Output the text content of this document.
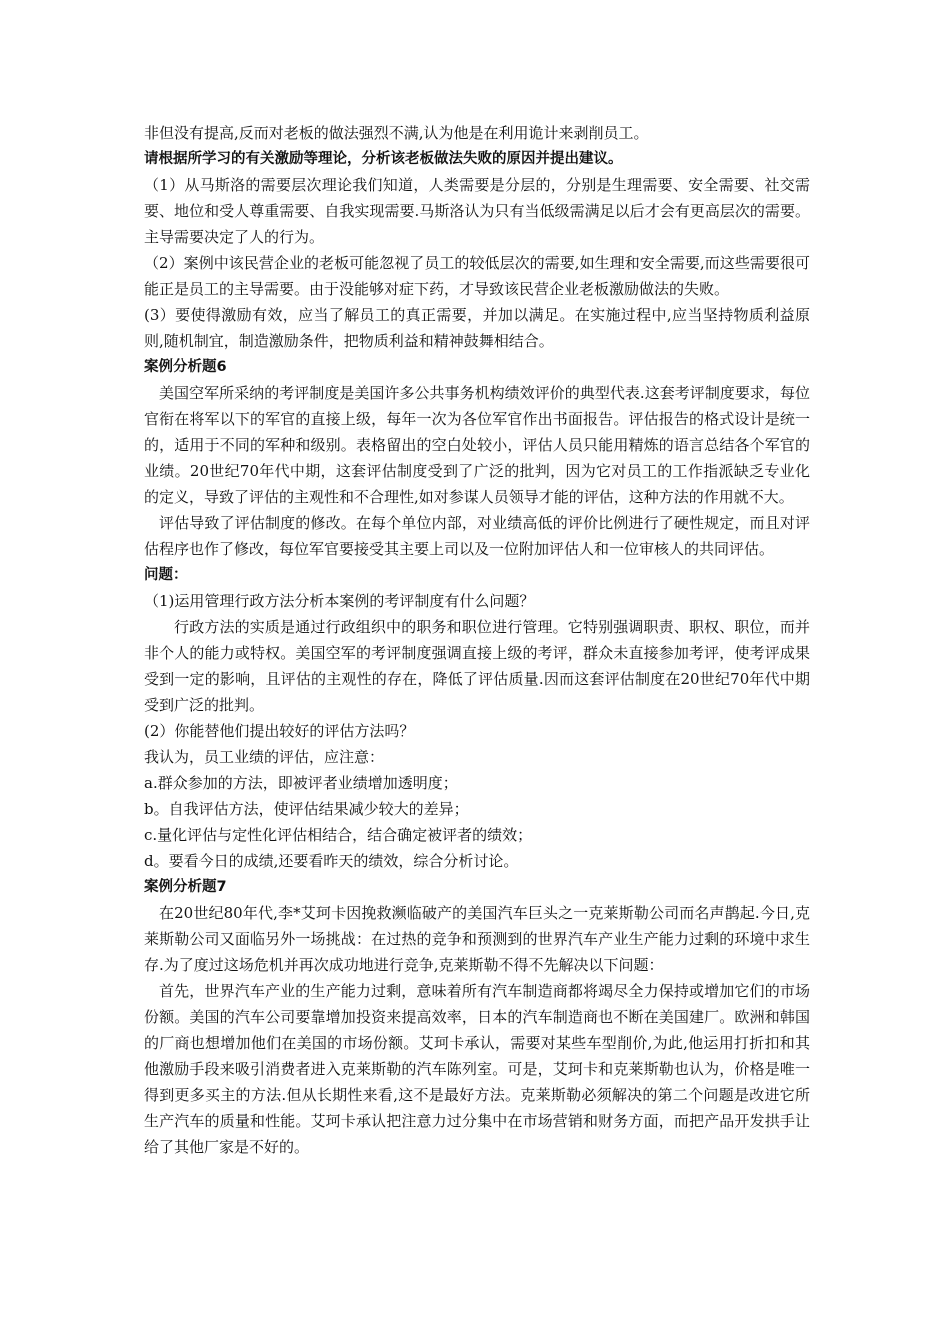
非但没有提高,反而对老板的做法强烈不满,认为他是在利用诡计来剥削员工。

请根据所学习的有关激励等理论，分析该老板做法失败的原因并提出建议。

（1）从马斯洛的需要层次理论我们知道，人类需要是分层的，分别是生理需要、安全需要、社交需要、地位和受人尊重需要、自我实现需要.马斯洛认为只有当低级需满足以后才会有更高层次的需要。主导需要决定了人的行为。

（2）案例中该民营企业的老板可能忽视了员工的较低层次的需要,如生理和安全需要,而这些需要很可能正是员工的主导需要。由于没能够对症下药，才导致该民营企业老板激励做法的失败。

(3）要使得激励有效，应当了解员工的真正需要，并加以满足。在实施过程中,应当坚持物质利益原则,随机制宜，制造激励条件，把物质利益和精神鼓舞相结合。

案例分析题6

美国空军所采纳的考评制度是美国许多公共事务机构绩效评价的典型代表.这套考评制度要求，每位官衔在将军以下的军官的直接上级，每年一次为各位军官作出书面报告。评估报告的格式设计是统一的，适用于不同的军种和级别。表格留出的空白处较小，评估人员只能用精炼的语言总结各个军官的业绩。20世纪70年代中期，这套评估制度受到了广泛的批判，因为它对员工的工作指派缺乏专业化的定义，导致了评估的主观性和不合理性,如对参谋人员领导才能的评估，这种方法的作用就不大。

评估导致了评估制度的修改。在每个单位内部，对业绩高低的评价比例进行了硬性规定，而且对评估程序也作了修改，每位军官要接受其主要上司以及一位附加评估人和一位审核人的共同评估。

问题：

（1)运用管理行政方法分析本案例的考评制度有什么问题？

行政方法的实质是通过行政组织中的职务和职位进行管理。它特别强调职责、职权、职位，而并非个人的能力或特权。美国空军的考评制度强调直接上级的考评，群众未直接参加考评，使考评成果受到一定的影响，且评估的主观性的存在，降低了评估质量.因而这套评估制度在20世纪70年代中期受到广泛的批判。

(2）你能替他们提出较好的评估方法吗？

我认为，员工业绩的评估，应注意：

a.群众参加的方法，即被评者业绩增加透明度；

b。自我评估方法，使评估结果减少较大的差异；

c.量化评估与定性化评估相结合，结合确定被评者的绩效；

d。要看今日的成绩,还要看昨天的绩效，综合分析讨论。

案例分析题7

在20世纪80年代,李*艾珂卡因挽救濒临破产的美国汽车巨头之一克莱斯勒公司而名声鹊起.今日,克莱斯勒公司又面临另外一场挑战：在过热的竞争和预测到的世界汽车产业生产能力过剩的环境中求生存.为了度过这场危机并再次成功地进行竞争,克莱斯勒不得不先解决以下问题：

首先，世界汽车产业的生产能力过剩，意味着所有汽车制造商都将竭尽全力保持或增加它们的市场份额。美国的汽车公司要靠增加投资来提高效率，日本的汽车制造商也不断在美国建厂。欧洲和韩国的厂商也想增加他们在美国的市场份额。艾珂卡承认，需要对某些车型削价,为此,他运用打折扣和其他激励手段来吸引消费者进入克莱斯勒的汽车陈列室。可是，艾珂卡和克莱斯勒也认为，价格是唯一得到更多买主的方法.但从长期性来看,这不是最好方法。克莱斯勒必须解决的第二个问题是改进它所生产汽车的质量和性能。艾珂卡承认把注意力过分集中在市场营销和财务方面，而把产品开发拱手让给了其他厂家是不好的。
